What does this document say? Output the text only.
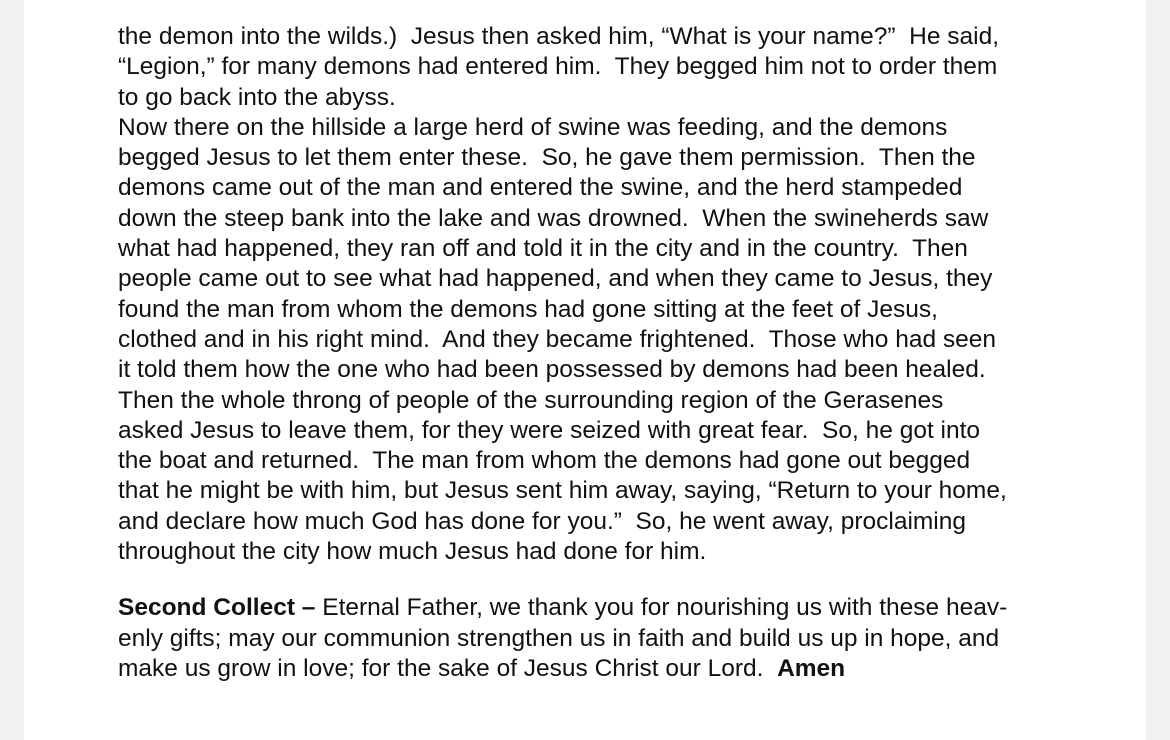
the demon into the wilds.)  Jesus then asked him, “What is your name?”  He said,
“Legion,” for many demons had entered him.  They begged him not to order them
to go back into the abyss.
Now there on the hillside a large herd of swine was feeding, and the demons
begged Jesus to let them enter these.  So, he gave them permission.  Then the
demons came out of the man and entered the swine, and the herd stampeded
down the steep bank into the lake and was drowned.  When the swineherds saw
what had happened, they ran off and told it in the city and in the country.  Then
people came out to see what had happened, and when they came to Jesus, they
found the man from whom the demons had gone sitting at the feet of Jesus,
clothed and in his right mind.  And they became frightened.  Those who had seen
it told them how the one who had been possessed by demons had been healed.
Then the whole throng of people of the surrounding region of the Gerasenes
asked Jesus to leave them, for they were seized with great fear.  So, he got into
the boat and returned.  The man from whom the demons had gone out begged
that he might be with him, but Jesus sent him away, saying, “Return to your home,
and declare how much God has done for you.”  So, he went away, proclaiming
throughout the city how much Jesus had done for him.
Second Collect – Eternal Father, we thank you for nourishing us with these heav-
enly gifts; may our communion strengthen us in faith and build us up in hope, and
make us grow in love; for the sake of Jesus Christ our Lord.  Amen
